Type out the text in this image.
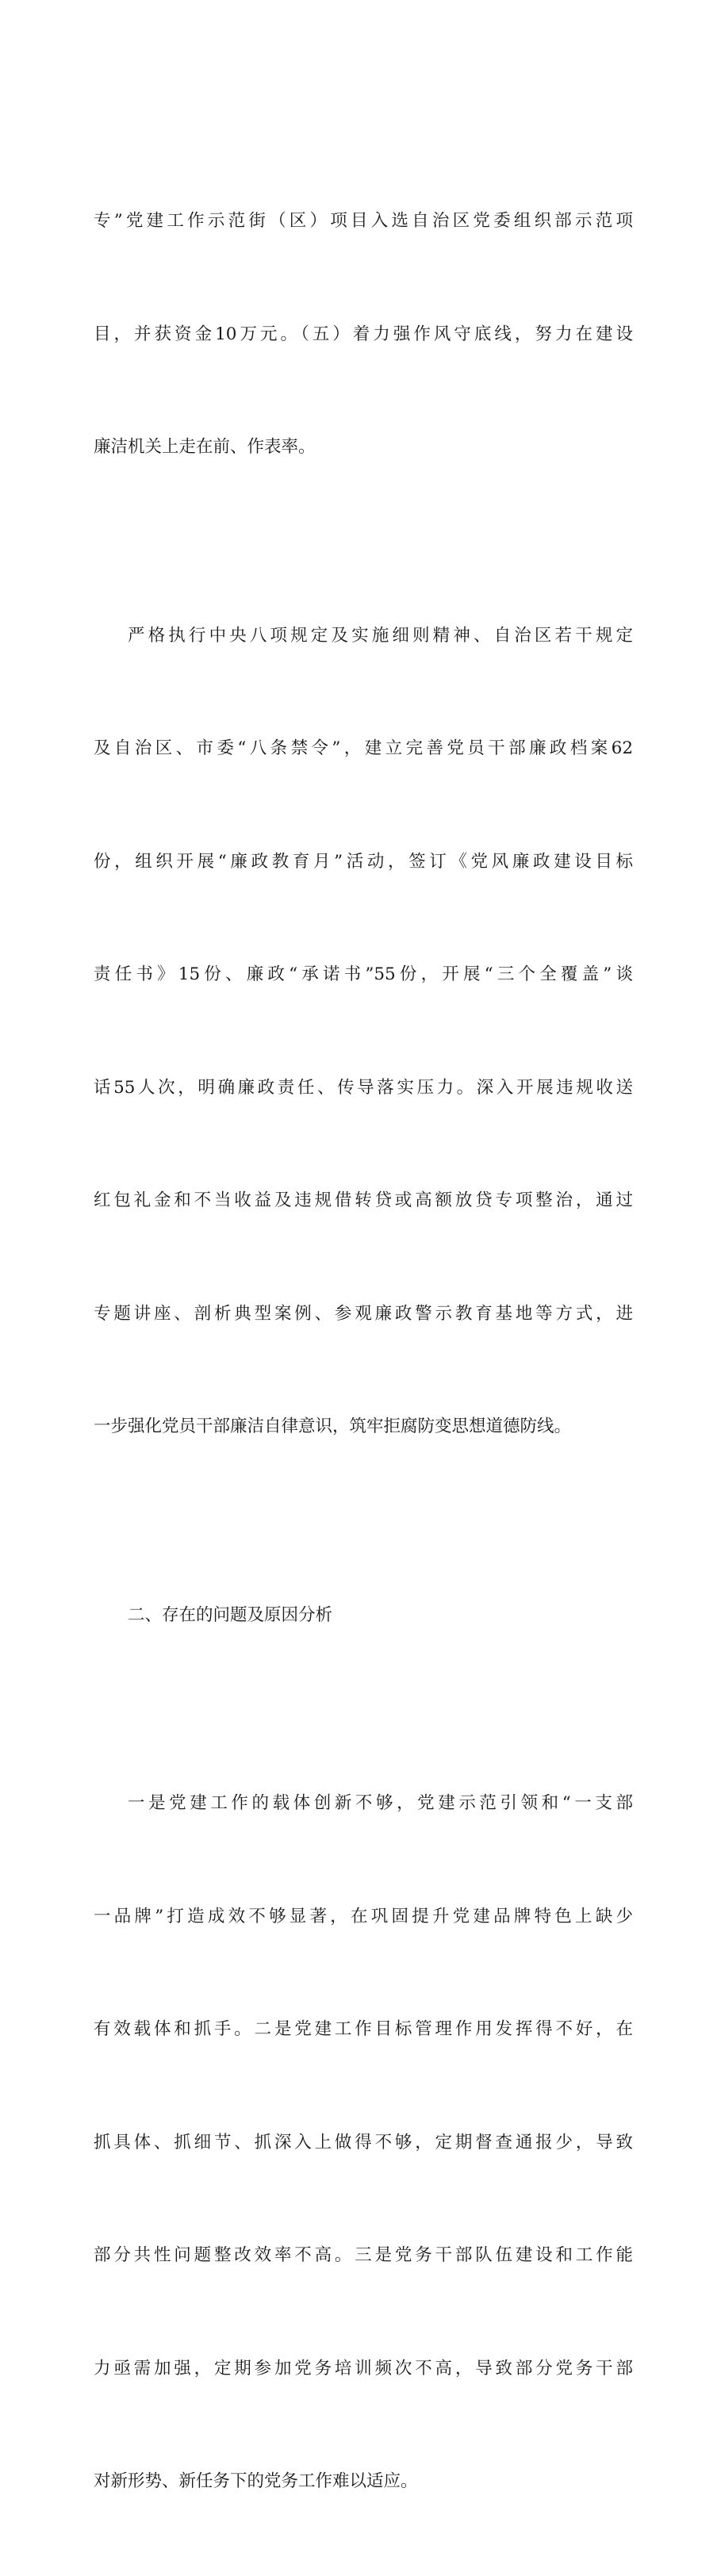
专”党建工作示范街（区）项目入选自治区党委组织部示范项

目，并获资金10万元。（五）着力强作风守底线，努力在建设

廉洁机关上走在前、作表率。

严格执行中央八项规定及实施细则精神、自治区若干规定

及自治区、市委“八条禁令”，建立完善党员干部廉政档案62

份，组织开展“廉政教育月”活动，签订《党风廉政建设目标

责任书》15份、廉政“承诺书”55份，开展“三个全覆盖”谈

话55人次，明确廉政责任、传导落实压力。深入开展违规收送

红包礼金和不当收益及违规借转贷或高额放贷专项整治，通过

专题讲座、剖析典型案例、参观廉政警示教育基地等方式，进

一步强化党员干部廉洁自律意识，筑牢拒腐防变思想道德防线。

二、存在的问题及原因分析

一是党建工作的载体创新不够，党建示范引领和“一支部

一品牌”打造成效不够显著，在巩固提升党建品牌特色上缺少

有效载体和抓手。二是党建工作目标管理作用发挥得不好，在

抓具体、抓细节、抓深入上做得不够，定期督查通报少，导致

部分共性问题整改效率不高。三是党务干部队伍建设和工作能

力亟需加强，定期参加党务培训频次不高，导致部分党务干部

对新形势、新任务下的党务工作难以适应。
